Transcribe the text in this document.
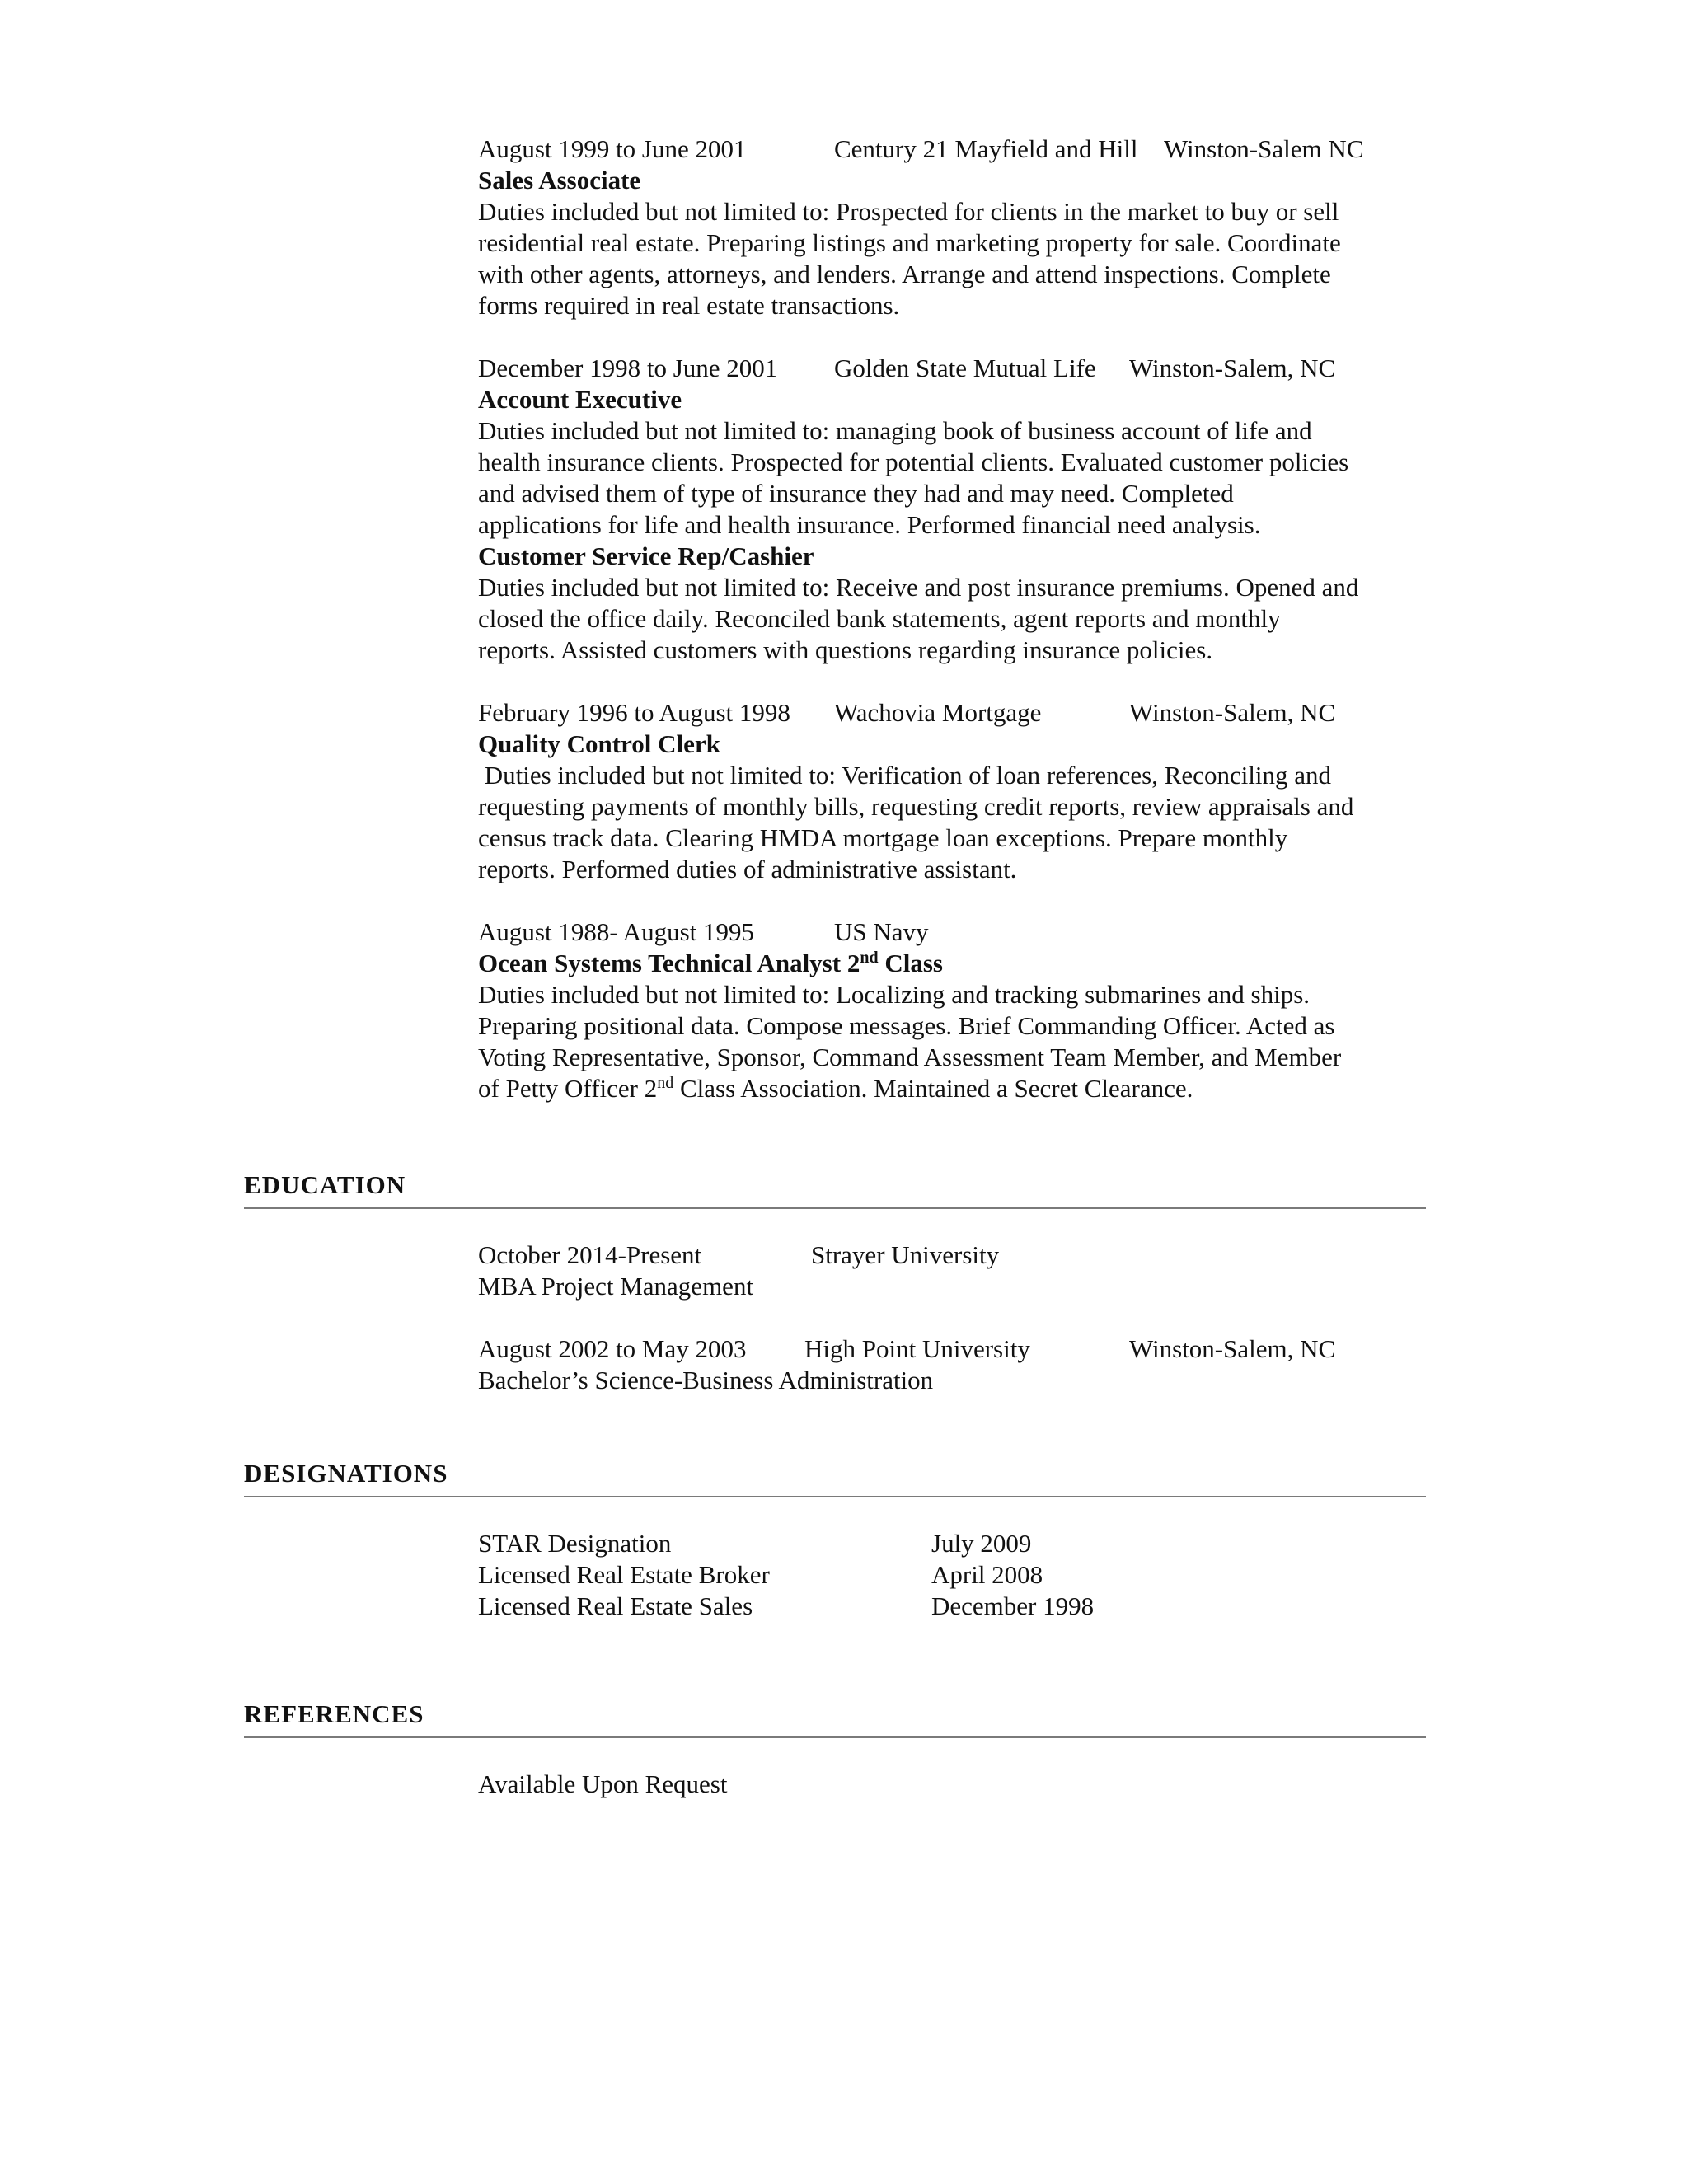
August 1999 to June 2001	Century 21 Mayfield and Hill Winston-Salem NC
Sales Associate

Duties included but not limited to: Prospected for clients in the market to buy or sell
residential real estate. Preparing listings and marketing property for sale. Coordinate
with other agents, attorneys, and lenders. Arrange and attend inspections. Complete
forms required in real estate transactions.

December 1998 to June 2001 Golden State Mutual Life Winston-Salem, NC
Account Executive

Duties included but not limited to: managing book of business account of life and
health insurance clients. Prospected for potential clients. Evaluated customer policies
and advised them of type of insurance they had and may need. Completed
applications for life and health insurance. Performed financial need analysis.

Customer Service Rep/Cashier

Duties included but not limited to: Receive and post insurance premiums. Opened and
closed the office daily. Reconciled bank statements, agent reports and monthly
reports. Assisted customers with questions regarding insurance policies.

February 1996 to August 1998 Wachovia Mortgage	Winston-Salem, NC
Quality Control Clerk

Duties included but not limited to: Verification of loan references, Reconciling and
requesting payments of monthly bills, requesting credit reports, review appraisals and
census track data. Clearing HMDA mortgage loan exceptions. Prepare monthly
reports. Performed duties of administrative assistant.

August 1988- August 1995	US Navy
Ocean Systems Technical Analyst 2nd Class

Duties included but not limited to: Localizing and tracking submarines and ships.
Preparing positional data. Compose messages. Brief Commanding Officer. Acted as
Voting Representative, Sponsor, Command Assessment Team Member, and Member
of Petty Officer 2nd Class Association. Maintained a Secret Clearance.

EDUCATION
October 2014-Present	Strayer University
MBA Project Management
August 2002 to May 2003 High Point University	Winston-Salem, NC
Bachelor’s Science-Business Administration
DESIGNATIONS
STAR Designation	July 2009
Licensed Real Estate Broker	April 2008
Licensed Real Estate Sales	December 1998
REFERENCES
Available Upon Request
